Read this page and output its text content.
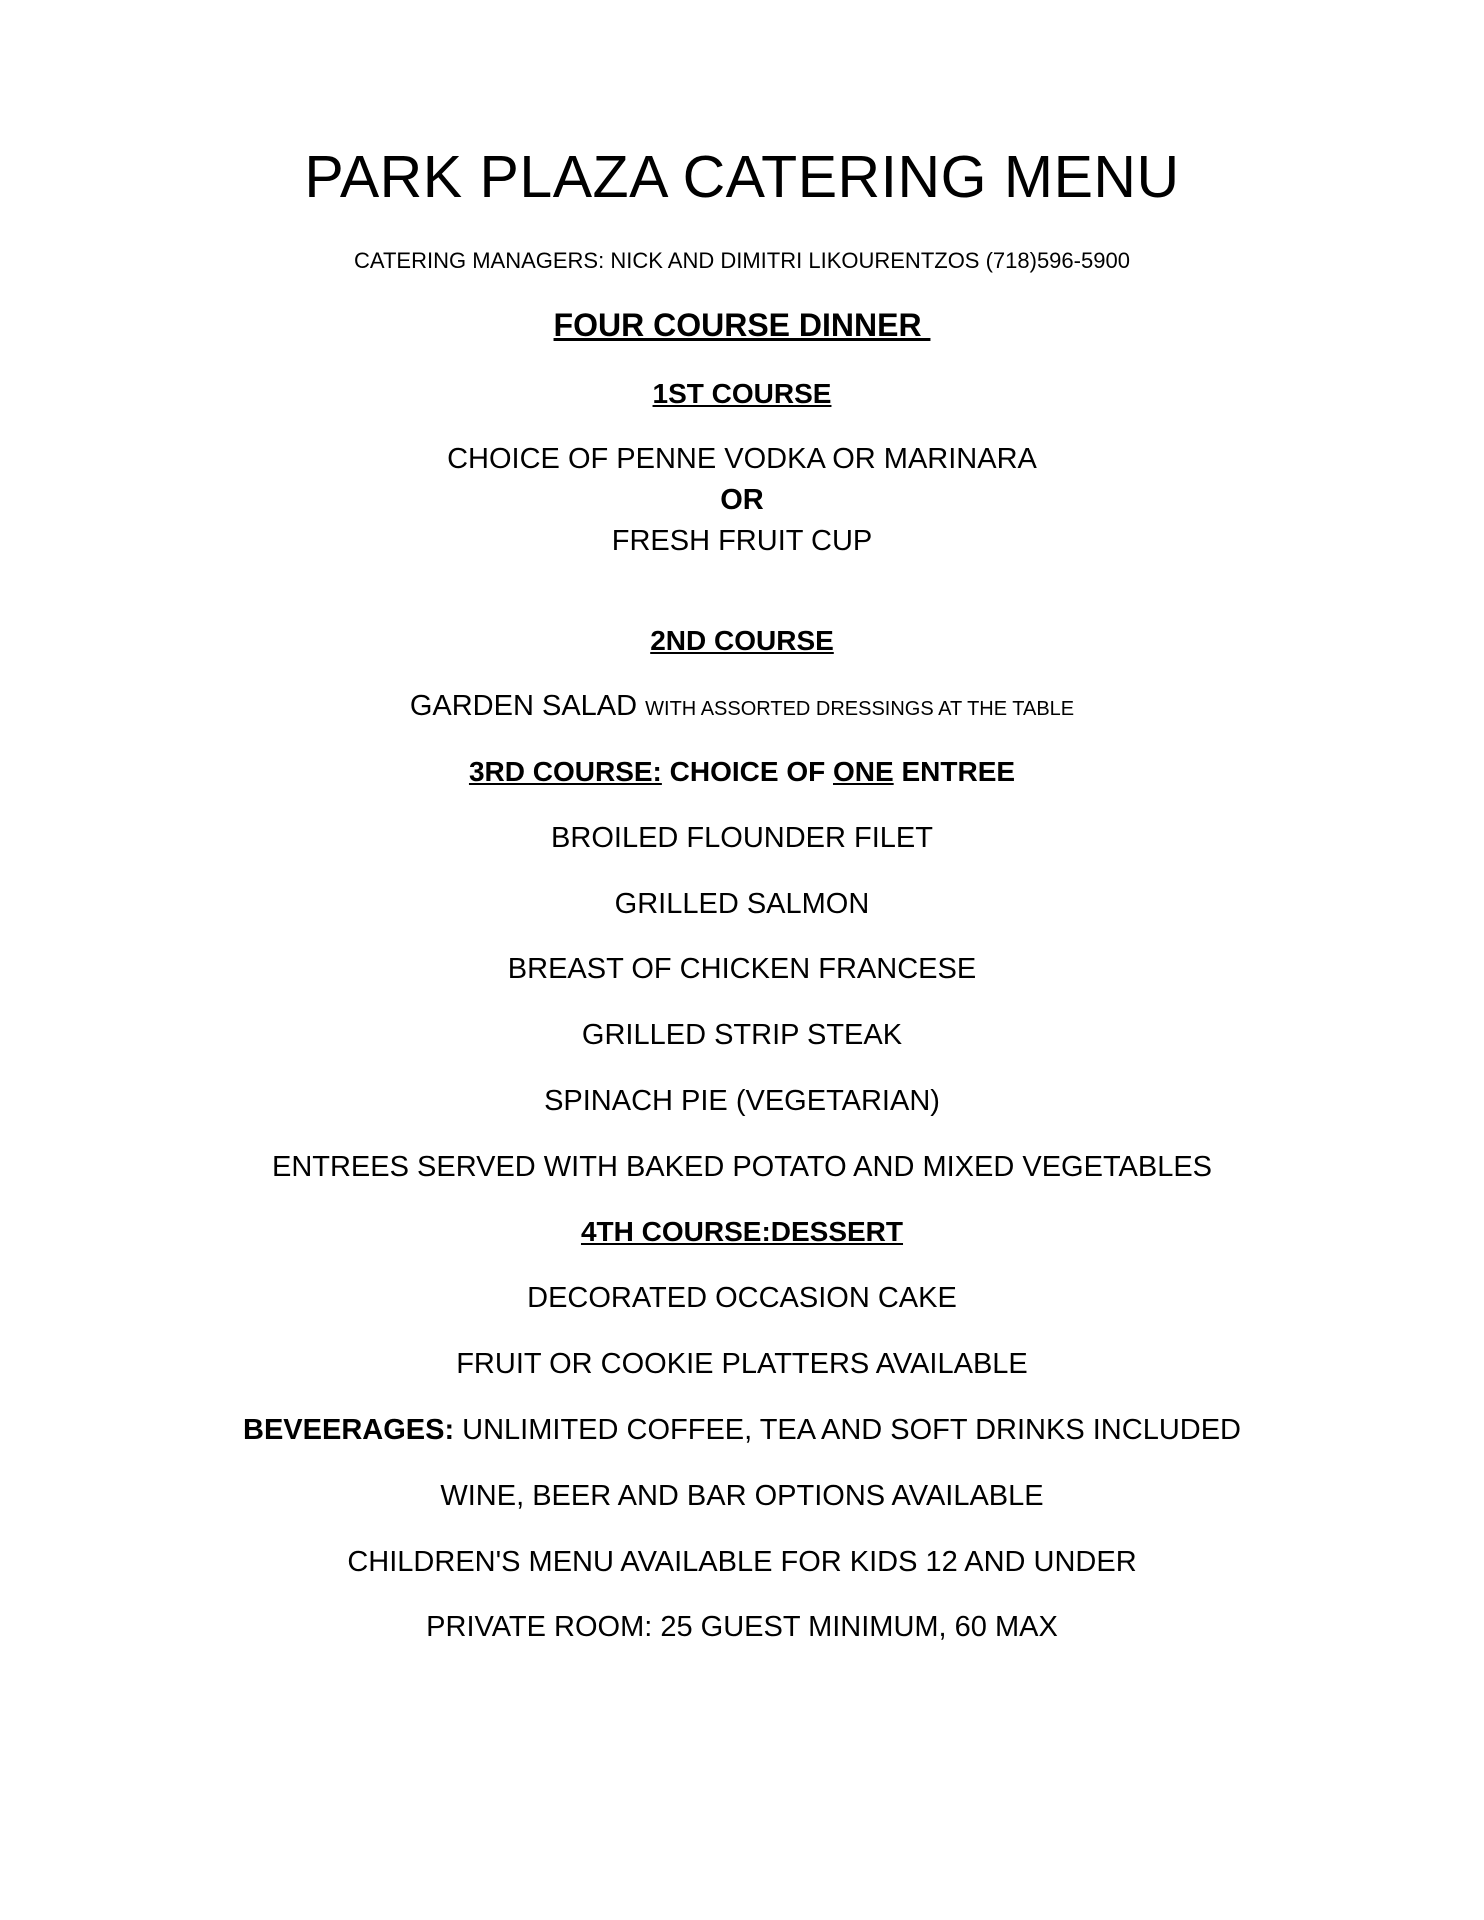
PARK PLAZA CATERING MENU
CATERING MANAGERS: NICK AND DIMITRI LIKOURENTZOS (718)596-5900
FOUR COURSE DINNER
1ST COURSE
CHOICE OF PENNE VODKA OR MARINARA
OR
FRESH FRUIT CUP
2ND COURSE
GARDEN SALAD WITH ASSORTED DRESSINGS AT THE TABLE
3RD COURSE: CHOICE OF ONE ENTREE
BROILED FLOUNDER FILET
GRILLED SALMON
BREAST OF CHICKEN FRANCESE
GRILLED STRIP STEAK
SPINACH PIE (VEGETARIAN)
ENTREES SERVED WITH BAKED POTATO AND MIXED VEGETABLES
4TH COURSE:DESSERT
DECORATED OCCASION CAKE
FRUIT OR COOKIE PLATTERS AVAILABLE
BEVEERAGES: UNLIMITED COFFEE, TEA AND SOFT DRINKS INCLUDED
WINE, BEER AND BAR OPTIONS AVAILABLE
CHILDREN'S MENU AVAILABLE FOR KIDS 12 AND UNDER
PRIVATE ROOM: 25 GUEST MINIMUM, 60 MAX
